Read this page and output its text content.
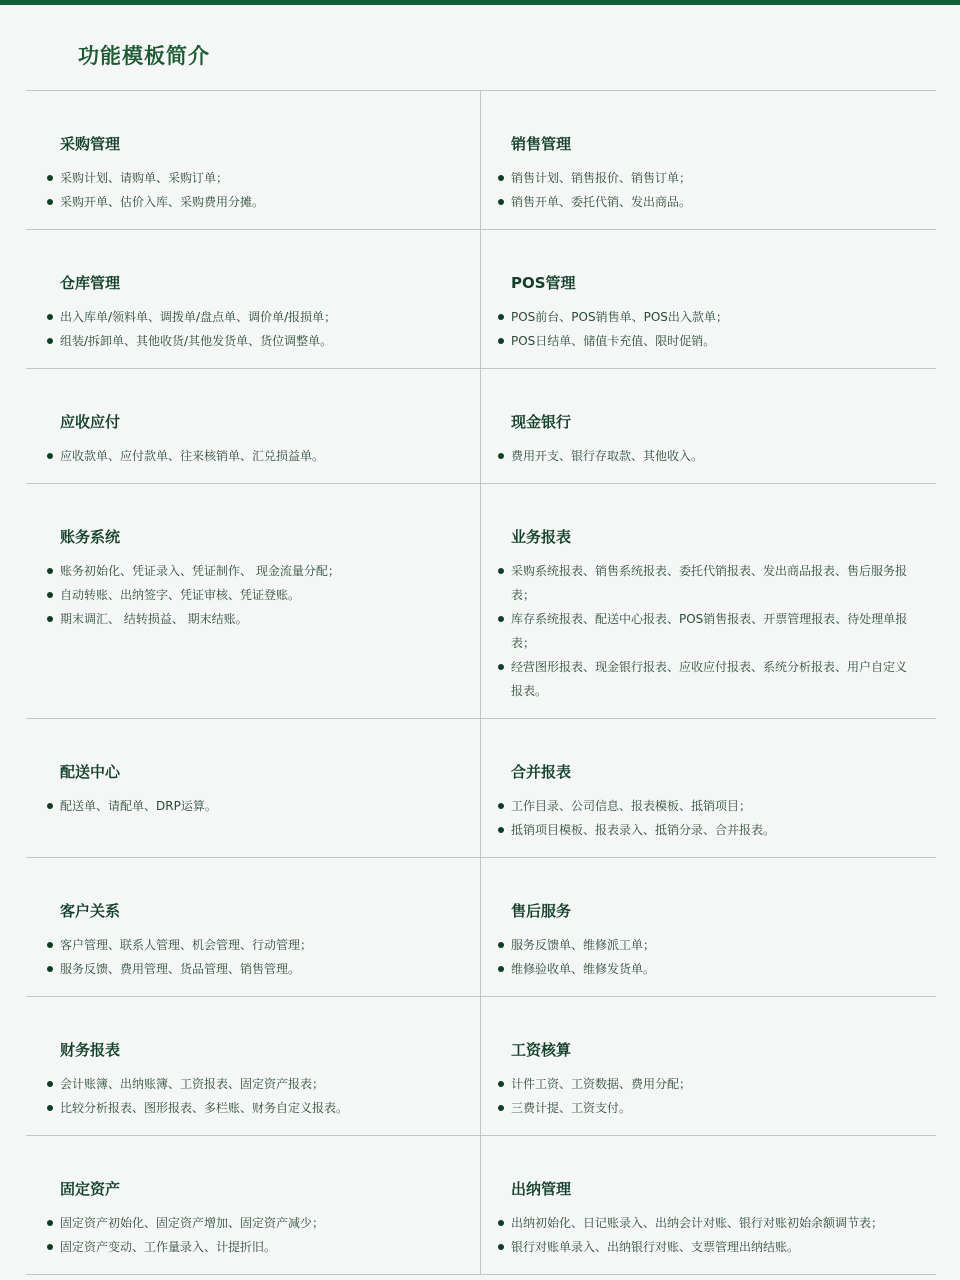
功能模板简介
采购管理
采购计划、请购单、采购订单；
采购开单、估价入库、采购费用分摊。
销售管理
销售计划、销售报价、销售订单；
销售开单、委托代销、发出商品。
仓库管理
出入库单/领料单、调拨单/盘点单、调价单/报损单；
组装/拆卸单、其他收货/其他发货单、货位调整单。
POS管理
POS前台、POS销售单、POS出入款单；
POS日结单、储值卡充值、限时促销。
应收应付
应收款单、应付款单、往来核销单、汇兑损益单。
现金银行
费用开支、银行存取款、其他收入。
账务系统
账务初始化、凭证录入、凭证制作、 现金流量分配；
自动转账、出纳签字、凭证审核、凭证登账。
期末调汇、 结转损益、 期末结账。
业务报表
采购系统报表、销售系统报表、委托代销报表、发出商品报表、售后服务报表；
库存系统报表、配送中心报表、POS销售报表、开票管理报表、待处理单报表；
经营图形报表、现金银行报表、应收应付报表、系统分析报表、用户自定义报表。
配送中心
配送单、请配单、DRP运算。
合并报表
工作目录、公司信息、报表模板、抵销项目；
抵销项目模板、报表录入、抵销分录、合并报表。
客户关系
客户管理、联系人管理、机会管理、行动管理；
服务反馈、费用管理、货品管理、销售管理。
售后服务
服务反馈单、维修派工单；
维修验收单、维修发货单。
财务报表
会计账簿、出纳账簿、工资报表、固定资产报表；
比较分析报表、图形报表、多栏账、财务自定义报表。
工资核算
计件工资、工资数据、费用分配；
三费计提、工资支付。
固定资产
固定资产初始化、固定资产增加、固定资产减少；
固定资产变动、工作量录入、计提折旧。
出纳管理
出纳初始化、日记账录入、出纳会计对账、银行对账初始余额调节表；
银行对账单录入、出纳银行对账、支票管理出纳结账。
